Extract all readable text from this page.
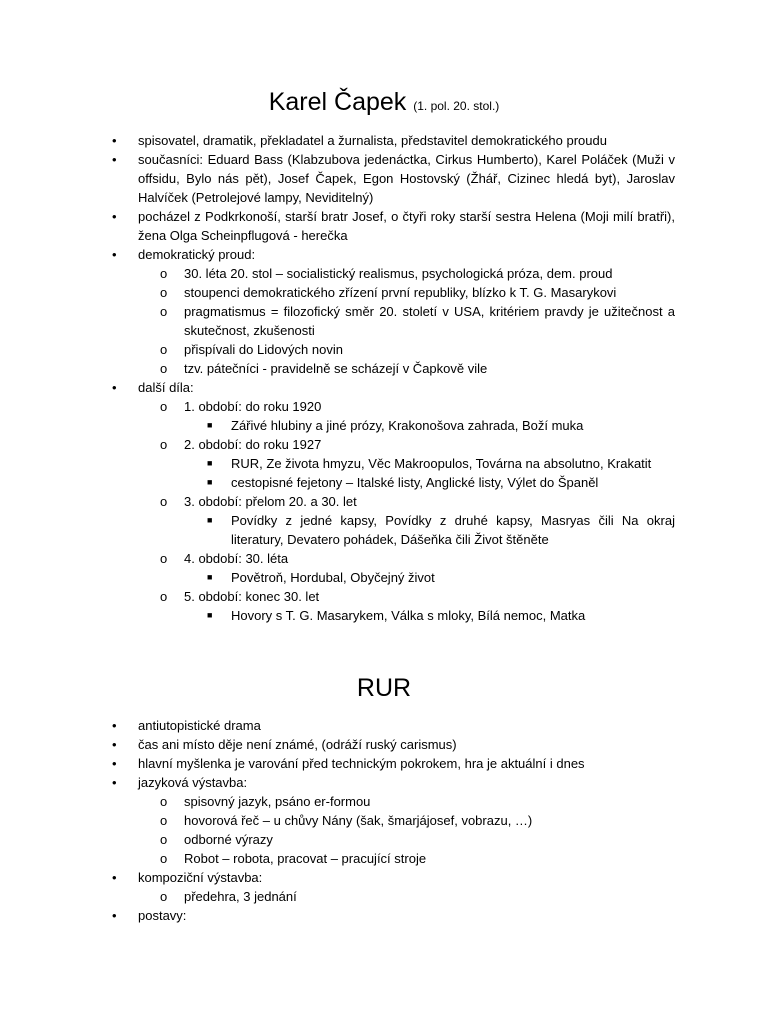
Karel Čapek (1. pol. 20. stol.)
•	spisovatel, dramatik, překladatel a žurnalista, představitel demokratického proudu
•	současníci: Eduard Bass (Klabzubova jedenáctka, Cirkus Humberto), Karel Poláček (Muži v offsidu, Bylo nás pět), Josef Čapek, Egon Hostovský (Žhář, Cizinec hledá byt), Jaroslav Halvíček (Petrolejové lampy, Neviditelný)
•	pocházel z Podkrkonoší, starší bratr Josef, o čtyři roky starší sestra Helena (Moji milí bratři), žena Olga Scheinpflugová - herečka
•	demokratický proud:
o	30. léta 20. stol – socialistický realismus, psychologická próza, dem. proud
o	stoupenci demokratického zřízení první republiky, blízko k T. G. Masarykovi
o	pragmatismus = filozofický směr 20. století v USA, kritériem pravdy je užitečnost a skutečnost, zkušenosti
o	přispívali do Lidových novin
o	tzv. pátečníci - pravidelně se scházejí v Čapkově vile
•	další díla:
o	1. období: do roku 1920
■	Zářivé hlubiny a jiné prózy, Krakonošova zahrada, Boží muka
o	2. období: do roku 1927
■	RUR, Ze života hmyzu, Věc Makroopulos, Továrna na absolutno, Krakatit
■	cestopisné fejetony – Italské listy, Anglické listy, Výlet do Španěl
o	3. období: přelom 20. a 30. let
■	Povídky z jedné kapsy, Povídky z druhé kapsy, Masryas čili Na okraj literatury, Devatero pohádek, Dášeňka čili Život štěněte
o	4. období: 30. léta
■	Povětroň, Hordubal, Obyčejný život
o	5. období: konec 30. let
■	Hovory s T. G. Masarykem, Válka s mloky, Bílá nemoc, Matka
RUR
•	antiutopistické drama
•	čas ani místo děje není známé, (odráží ruský carismus)
•	hlavní myšlenka je varování před technickým pokrokem, hra je aktuální i dnes
•	jazyková výstavba:
o	spisovný jazyk, psáno er-formou
o	hovorová řeč – u chůvy Nány (šak, šmarjájosef, vobrazu, …)
o	odborné výrazy
o	Robot – robota, pracovat – pracující stroje
•	kompoziční výstavba:
o	předehra, 3 jednání
•	postavy:
